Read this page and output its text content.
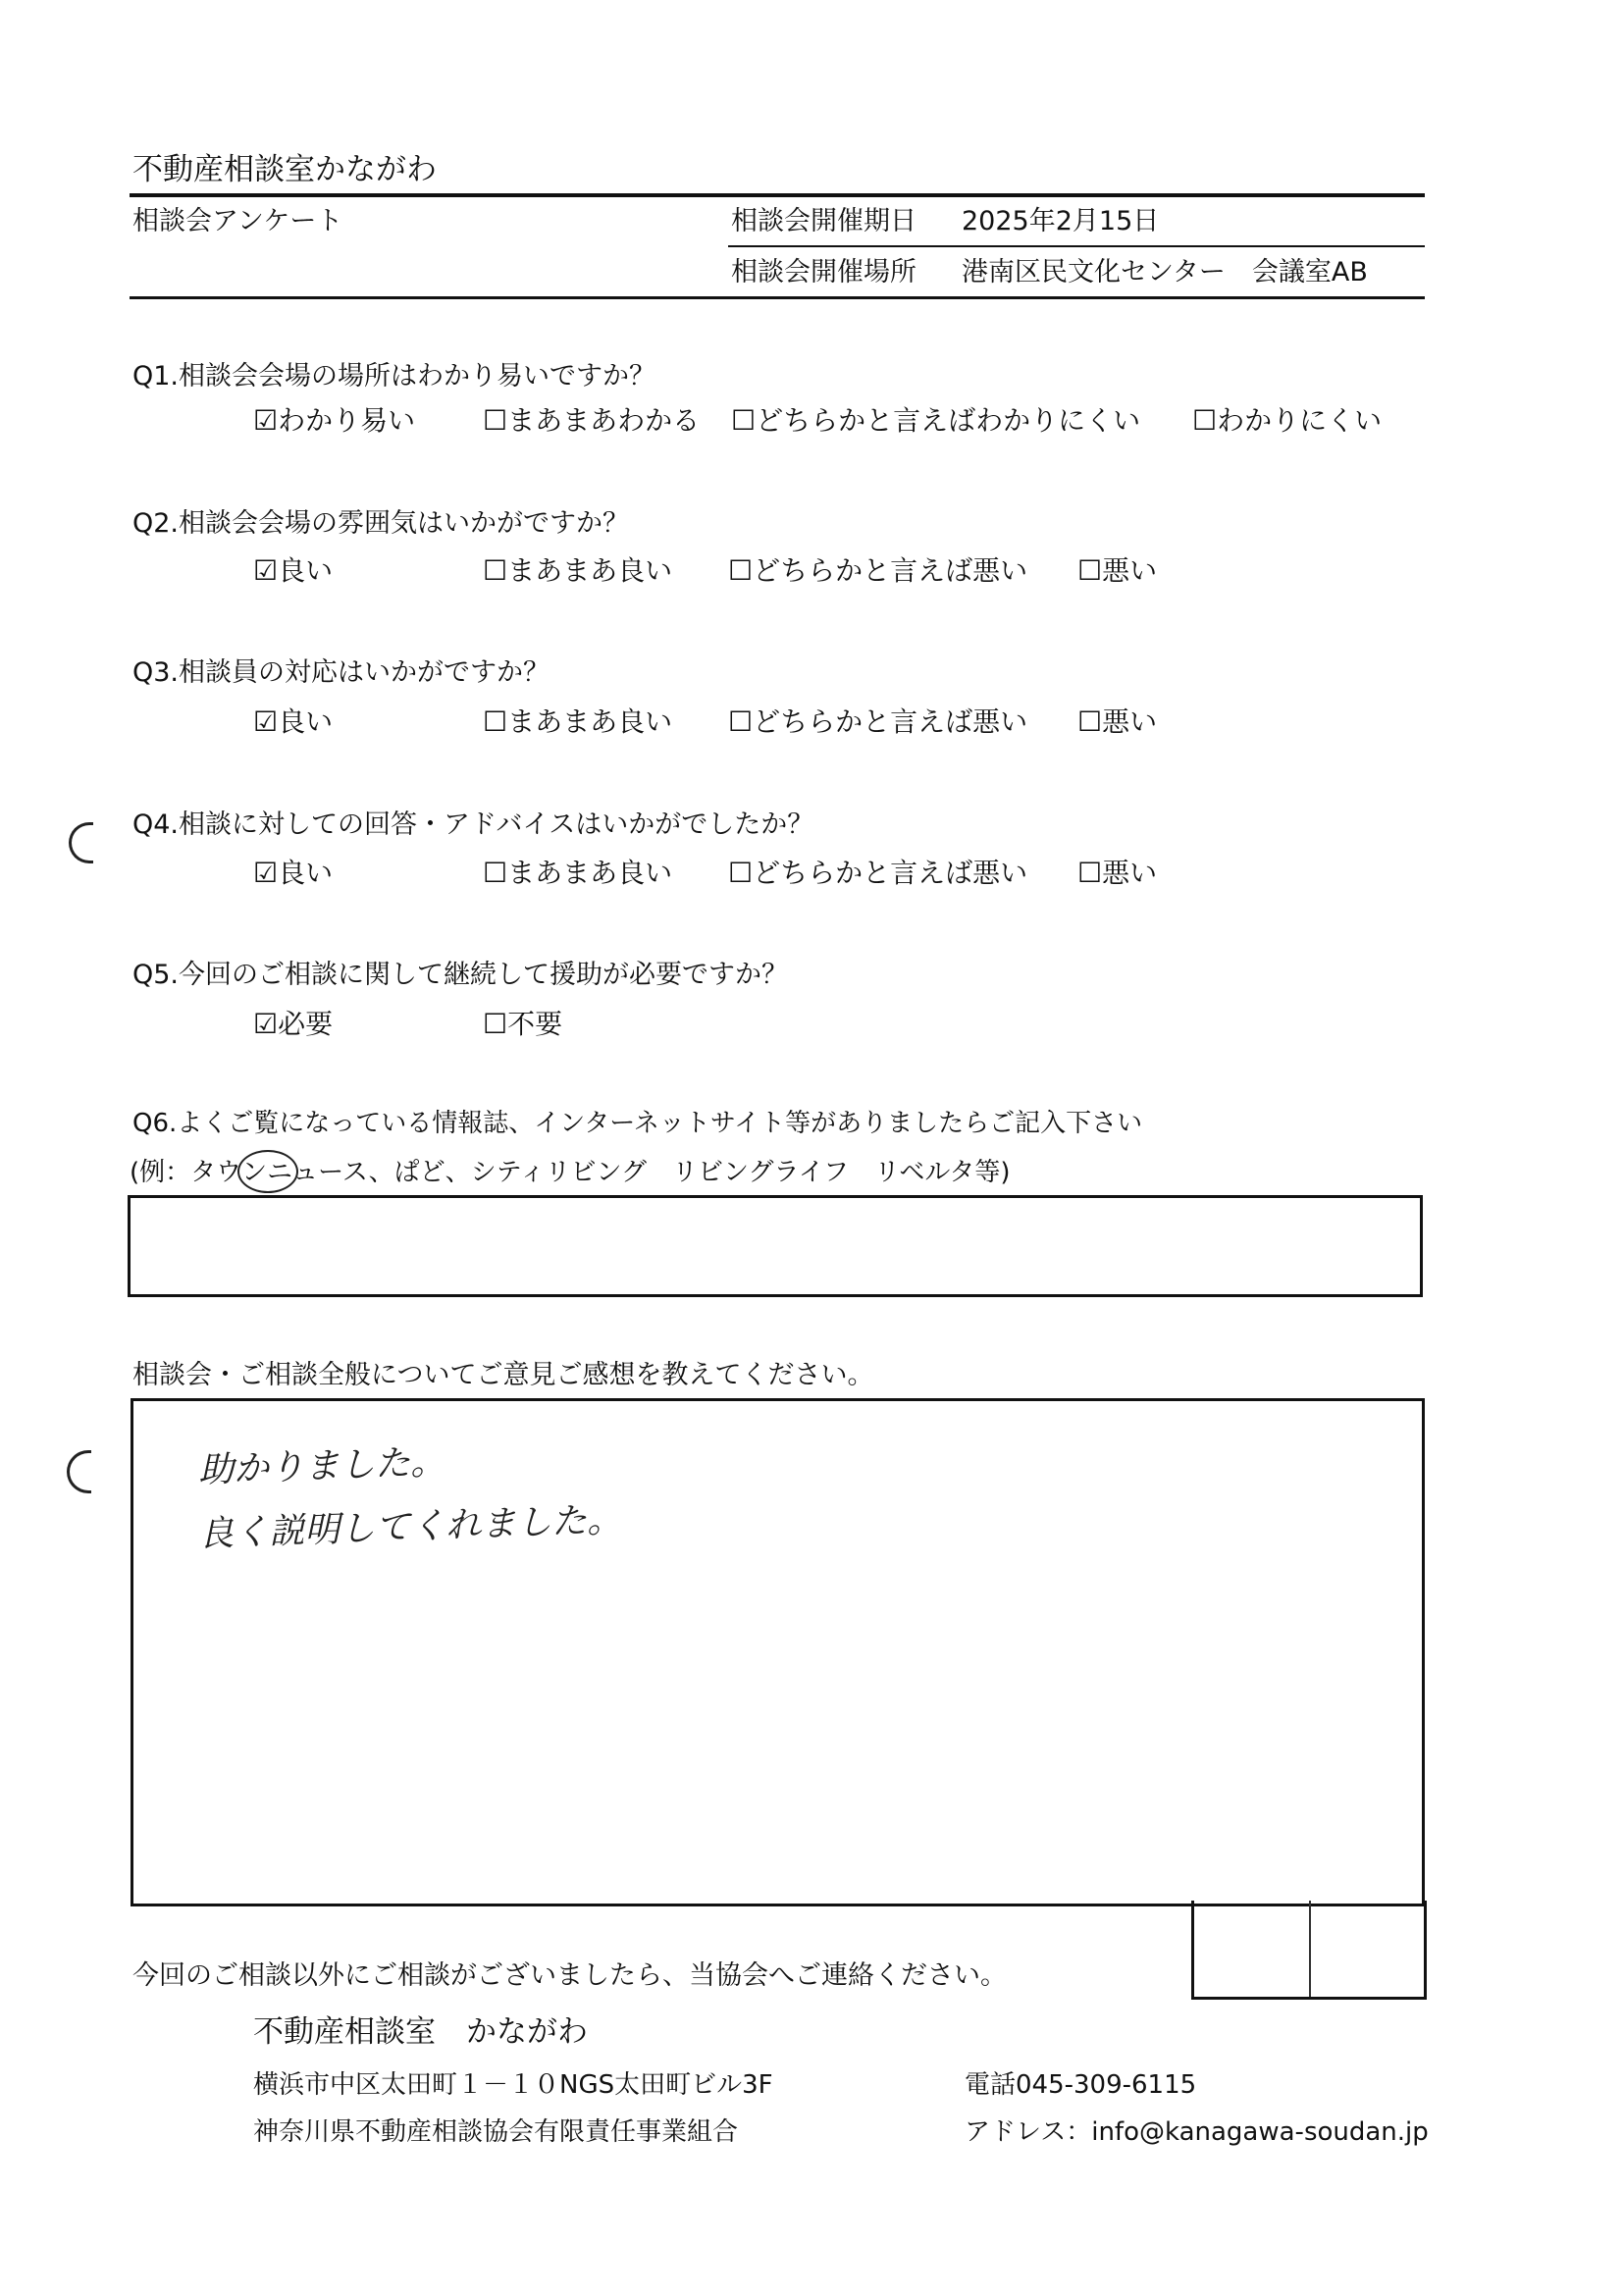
不動産相談室かながわ
相談会アンケート	相談会開催期日 2025年2月15日
相談会開催場所 港南区民文化センター　会議室AB
Q1.相談会会場の場所はわかり易いですか？
☑わかり易い ☐まあまあわかる ☐どちらかと言えばわかりにくい ☐わかりにくい
Q2.相談会会場の雰囲気はいかがですか？
☑良い	☐まあまあ良い ☐どちらかと言えば悪い ☐悪い
Q3.相談員の対応はいかがですか？
☑良い	☐まあまあ良い ☐どちらかと言えば悪い ☐悪い
Q4.相談に対しての回答・アドバイスはいかがでしたか？
☑良い	☐まあまあ良い ☐どちらかと言えば悪い ☐悪い
Q5.今回のご相談に関して継続して援助が必要ですか？
☑必要	☐不要
Q6.よくご覧になっている情報誌、インターネットサイト等がありましたらご記入下さい
(例：タウンニュース、ぱど、シティリビング　リビングライフ　リベルタ等)
相談会・ご相談全般についてご意見ご感想を教えてください。
助かりました。
良く説明してくれました。
今回のご相談以外にご相談がございましたら、当協会へご連絡ください。
不動産相談室　かながわ
横浜市中区太田町１－１０NGS太田町ビル3F	電話045-309-6115
神奈川県不動産相談協会有限責任事業組合	アドレス：info@kanagawa-soudan.jp
